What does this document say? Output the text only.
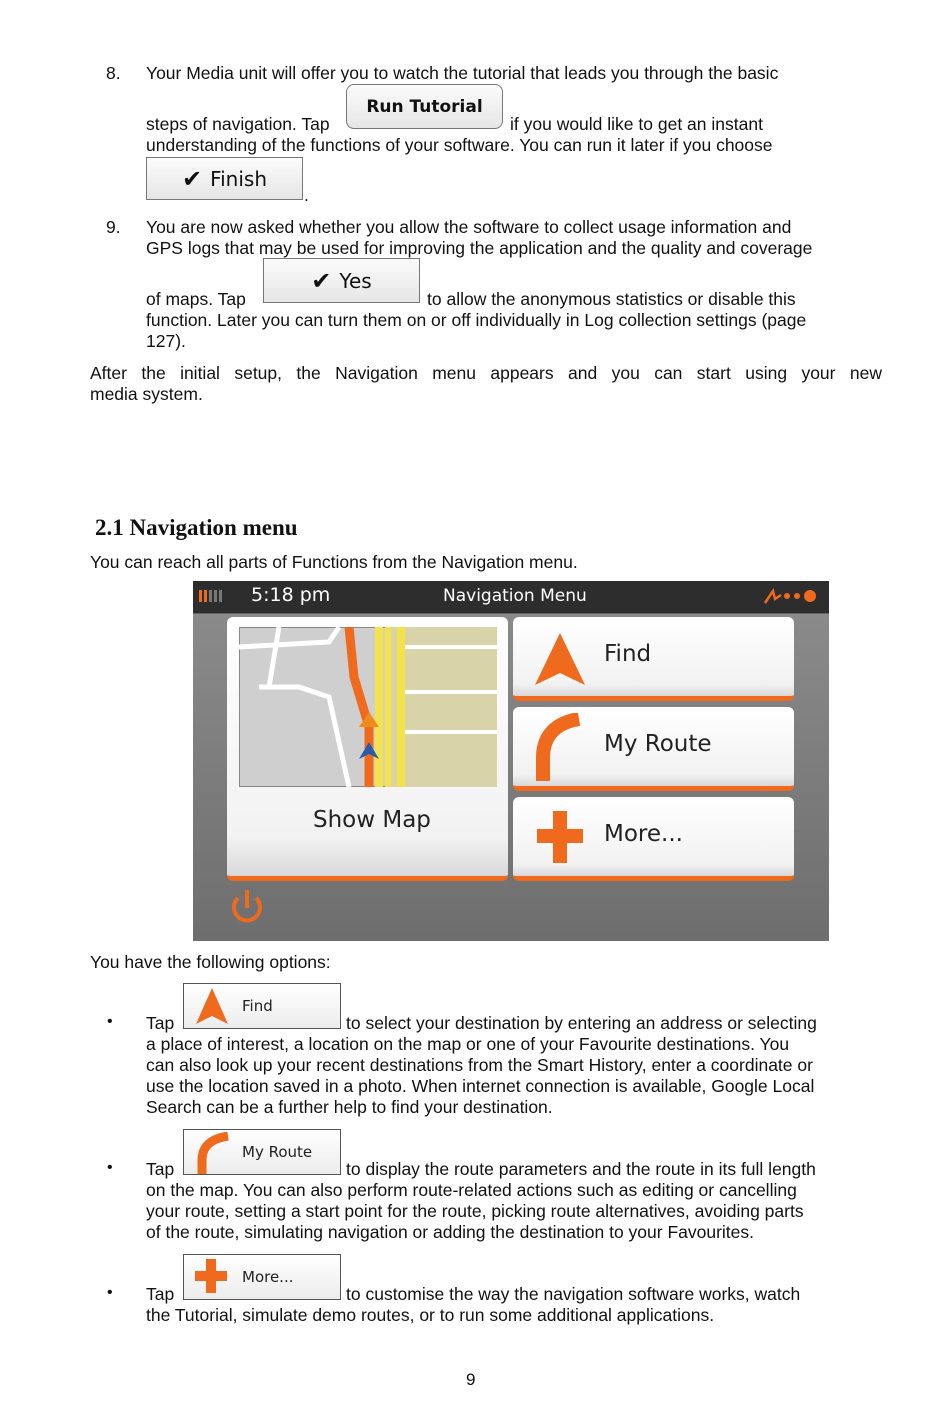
8. Your Media unit will offer you to watch the tutorial that leads you through the basic
steps of navigation. Tap
Run Tutorial
if you would like to get an instant
understanding of the functions of your software. You can run it later if you choose
✔ Finish
.
9. You are now asked whether you allow the software to collect usage information and
GPS logs that may be used for improving the application and the quality and coverage
of maps. Tap
✔ Yes
to allow the anonymous statistics or disable this
function. Later you can turn them on or off individually in Log collection settings (page
127).
After the initial setup, the Navigation menu appears and you can start using your new
media system.
2.1 Navigation menu
You can reach all parts of Functions from the Navigation menu.
5:18 pm	Navigation Menu
Show Map
Find
My Route
More...
You have the following options:
• Tap
Find
to select your destination by entering an address or selecting
a place of interest, a location on the map or one of your Favourite destinations. You
can also look up your recent destinations from the Smart History, enter a coordinate or
use the location saved in a photo. When internet connection is available, Google Local
Search can be a further help to find your destination.
• Tap
My Route
to display the route parameters and the route in its full length
on the map. You can also perform route-related actions such as editing or cancelling
your route, setting a start point for the route, picking route alternatives, avoiding parts
of the route, simulating navigation or adding the destination to your Favourites.
• Tap
More...
to customise the way the navigation software works, watch
the Tutorial, simulate demo routes, or to run some additional applications.
9
